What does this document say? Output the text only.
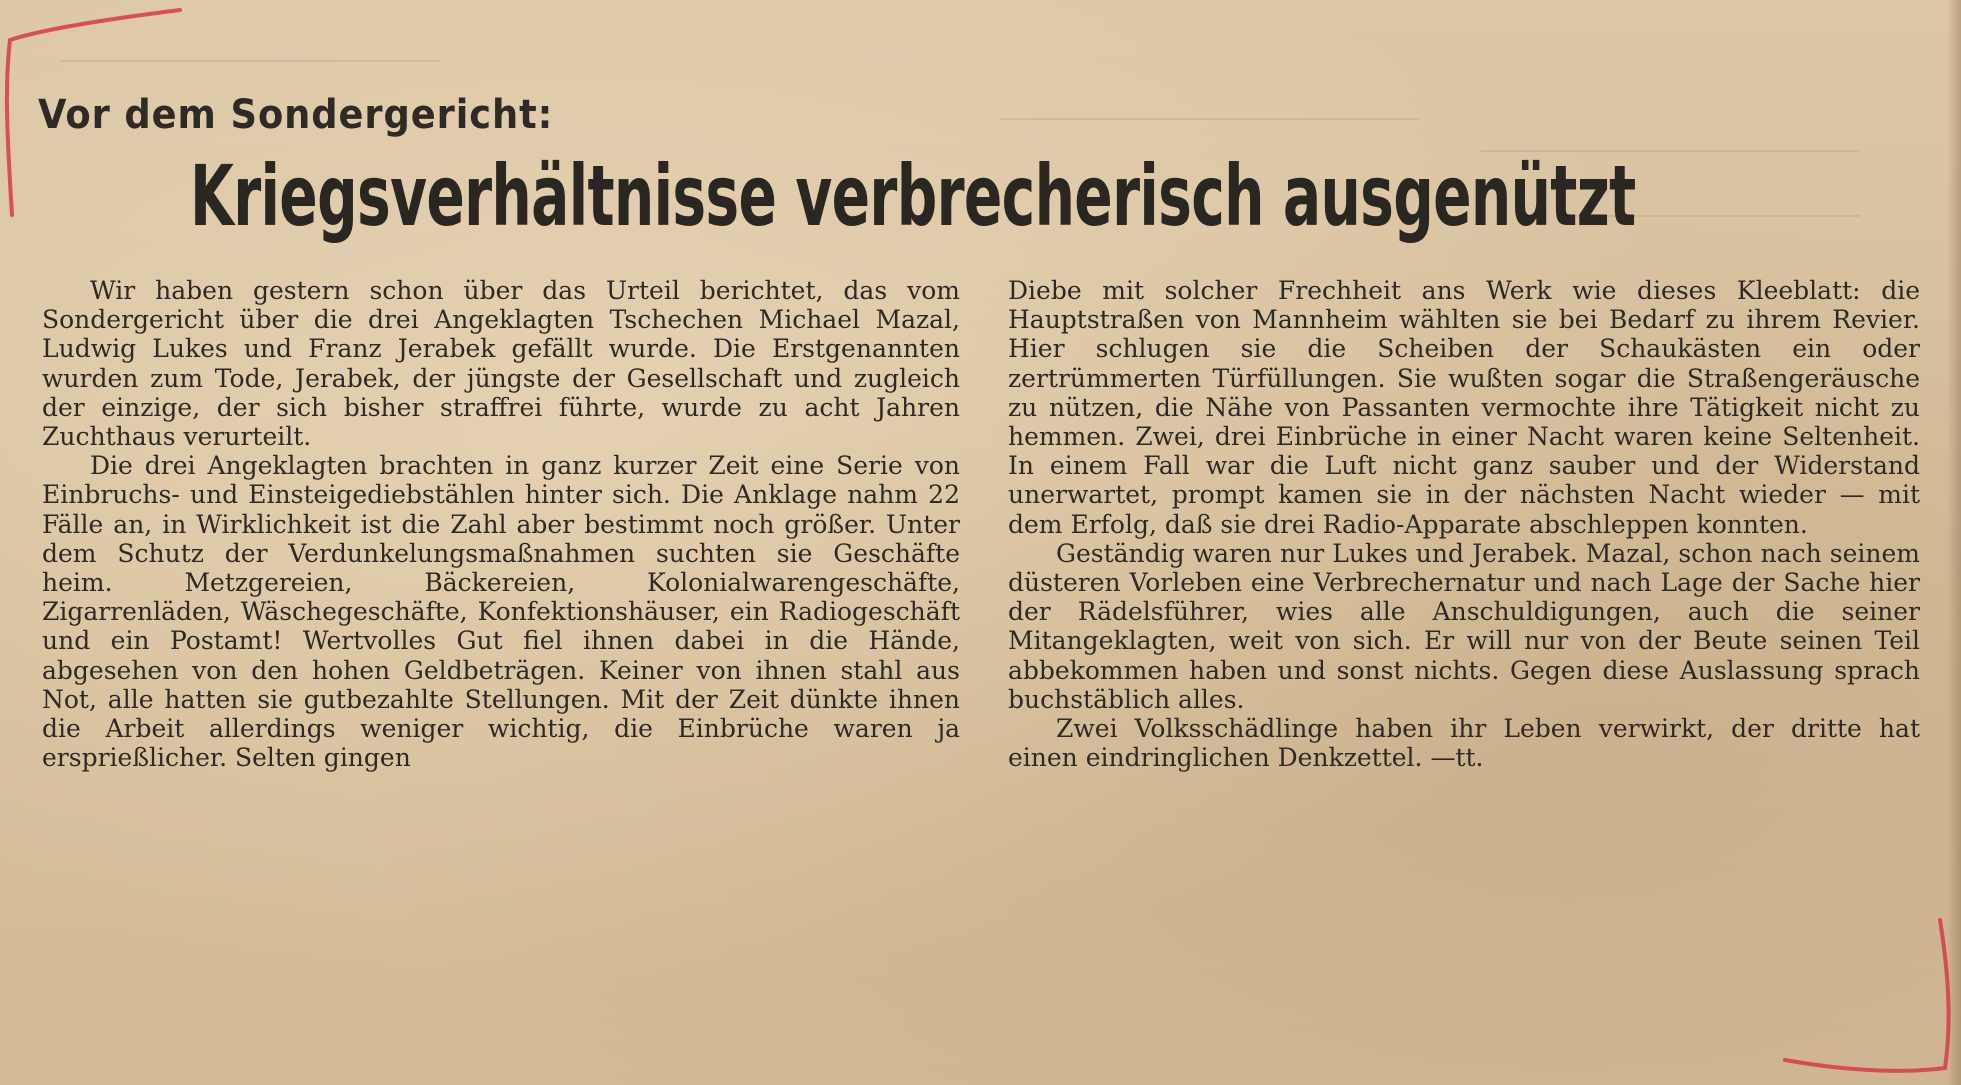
Vor dem Sondergericht:
Kriegsverhältnisse verbrecherisch ausgenützt

Wir haben gestern schon über das Urteil berichtet, das vom Sondergericht über die drei Angeklagten Tschechen Michael Mazal, Ludwig Lukes und Franz Jerabek gefällt wurde. Die Erstgenannten wurden zum Tode, Jerabek, der jüngste der Gesellschaft und zugleich der einzige, der sich bisher straffrei führte, wurde zu acht Jahren Zuchthaus verurteilt.

Die drei Angeklagten brachten in ganz kurzer Zeit eine Serie von Einbruchs- und Einsteigediebstählen hinter sich. Die Anklage nahm 22 Fälle an, in Wirklichkeit ist die Zahl aber bestimmt noch größer. Unter dem Schutz der Verdunkelungsmaßnahmen suchten sie Geschäfte heim. Metzgereien, Bäckereien, Kolonialwarengeschäfte, Zigarrenläden, Wäschegeschäfte, Konfektionshäuser, ein Radiogeschäft und ein Postamt! Wertvolles Gut fiel ihnen dabei in die Hände, abgesehen von den hohen Geldbeträgen. Keiner von ihnen stahl aus Not, alle hatten sie gutbezahlte Stellungen. Mit der Zeit dünkte ihnen die Arbeit allerdings weniger wichtig, die Einbrüche waren ja ersprießlicher. Selten gingen

Diebe mit solcher Frechheit ans Werk wie dieses Kleeblatt: die Hauptstraßen von Mannheim wählten sie bei Bedarf zu ihrem Revier. Hier schlugen sie die Scheiben der Schaukästen ein oder zertrümmerten Türfüllungen. Sie wußten sogar die Straßengeräusche zu nützen, die Nähe von Passanten vermochte ihre Tätigkeit nicht zu hemmen. Zwei, drei Einbrüche in einer Nacht waren keine Seltenheit. In einem Fall war die Luft nicht ganz sauber und der Widerstand unerwartet, prompt kamen sie in der nächsten Nacht wieder — mit dem Erfolg, daß sie drei Radio-Apparate abschleppen konnten.

Geständig waren nur Lukes und Jerabek. Mazal, schon nach seinem düsteren Vorleben eine Verbrechernatur und nach Lage der Sache hier der Rädelsführer, wies alle Anschuldigungen, auch die seiner Mitangeklagten, weit von sich. Er will nur von der Beute seinen Teil abbekommen haben und sonst nichts. Gegen diese Auslassung sprach buchstäblich alles.

Zwei Volksschädlinge haben ihr Leben verwirkt, der dritte hat einen eindringlichen Denkzettel. —tt.
